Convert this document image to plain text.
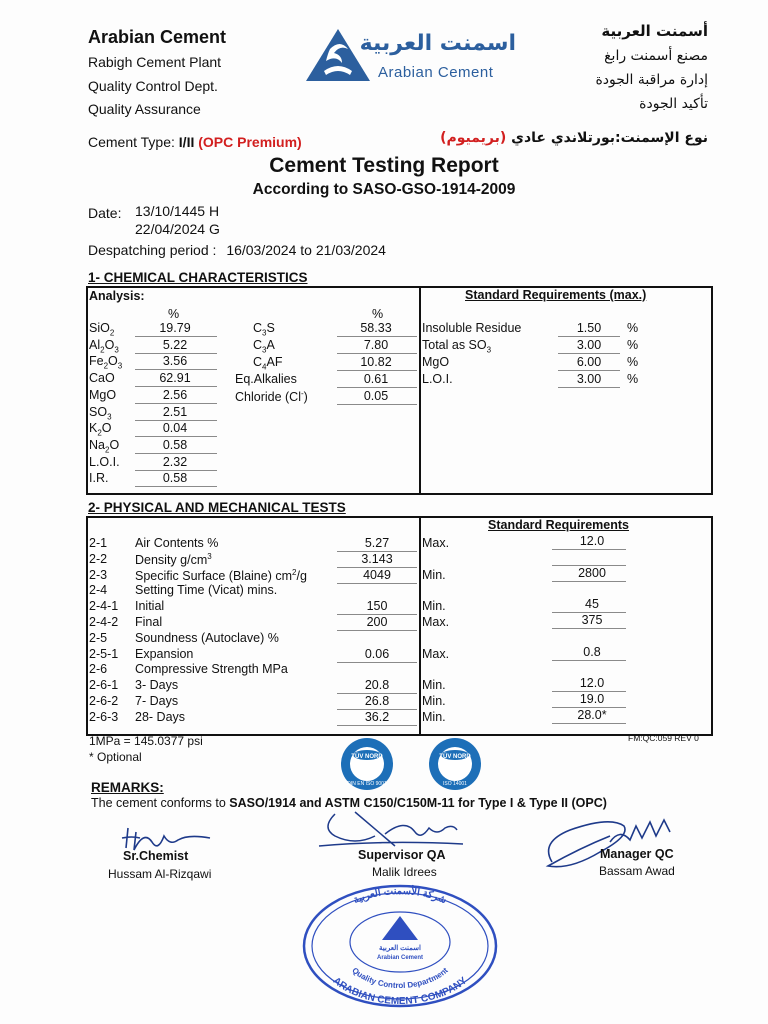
Arabian Cement
Rabigh Cement Plant
Quality Control Dept.
Quality Assurance
اسمنت العربية
Arabian Cement
أسمنت العربية
مصنع أسمنت رابغ
إدارة مراقبة الجودة
تأكيد الجودة
Cement Type: I/II (OPC Premium)	نوع الإسمنت:بورتلاندي عادي (بريميوم)
Cement Testing Report
According to SASO-GSO-1914-2009
Date: 13/10/1445 H
22/04/2024 G
Despatching period : 16/03/2024 to 21/03/2024
1- CHEMICAL CHARACTERISTICS
Analysis:
%	%
Standard Requirements (max.)
SiO$_2$	19.79
$Al_2O_3$	5.22
$Fe_2O_3$	3.56
CaO	62.91
MgO	2.56
$SO_3$	2.51
$K_2O$	0.04
$Na_2O$	0.58
L.O.I.	2.32
I.R.	0.58
$C_3S$	58.33
$C_3A$	7.80
$C_4AF$	10.82
Eq.Alkalies	0.61
Chloride (Cl-)	0.05
Insoluble Residue	1.50	%
Total as $SO_3$	3.00	%
MgO	6.00	%
L.O.I.	3.00	%
2- PHYSICAL AND MECHANICAL TESTS
Standard Requirements
2-1 Air Contents %	5.27	Max.	12.0
2-2 Density $g/cm^3$	3.143
2-3 Specific Surface (Blaine) $cm^2/g$	4049	Min.	2800
2-4 Setting Time (Vicat) mins.
2-4-1 Initial	150	Min.	45
2-4-2 Final	200	Max.	375
2-5 Soundness (Autoclave) %
2-5-1 Expansion	0.06	Max.	0.8
2-6 Compressive Strength MPa
2-6-1 3- Days	20.8	Min.	12.0
2-6-2 7- Days	26.8	Min.	19.0
2-6-3 28- Days	36.2	Min.	28.0*
1MPa = 145.0377 psi
* Optional
FM:QC:059 REV 0
TÜV NORD
DIN EN ISO 9001
TÜV NORD
ISO 14001
REMARKS:
The cement conforms to SASO/1914 and ASTM C150/C150M-11 for Type I & Type II (OPC)
Sr.Chemist
Hussam Al-Rizqawi
Supervisor QA
Malik Idrees
Manager QC
Bassam Awad
شركة الأسمنت العربية
Quality Control Department
ARABIAN CEMENT COMPANY
اسمنت العربية
Arabian Cement
